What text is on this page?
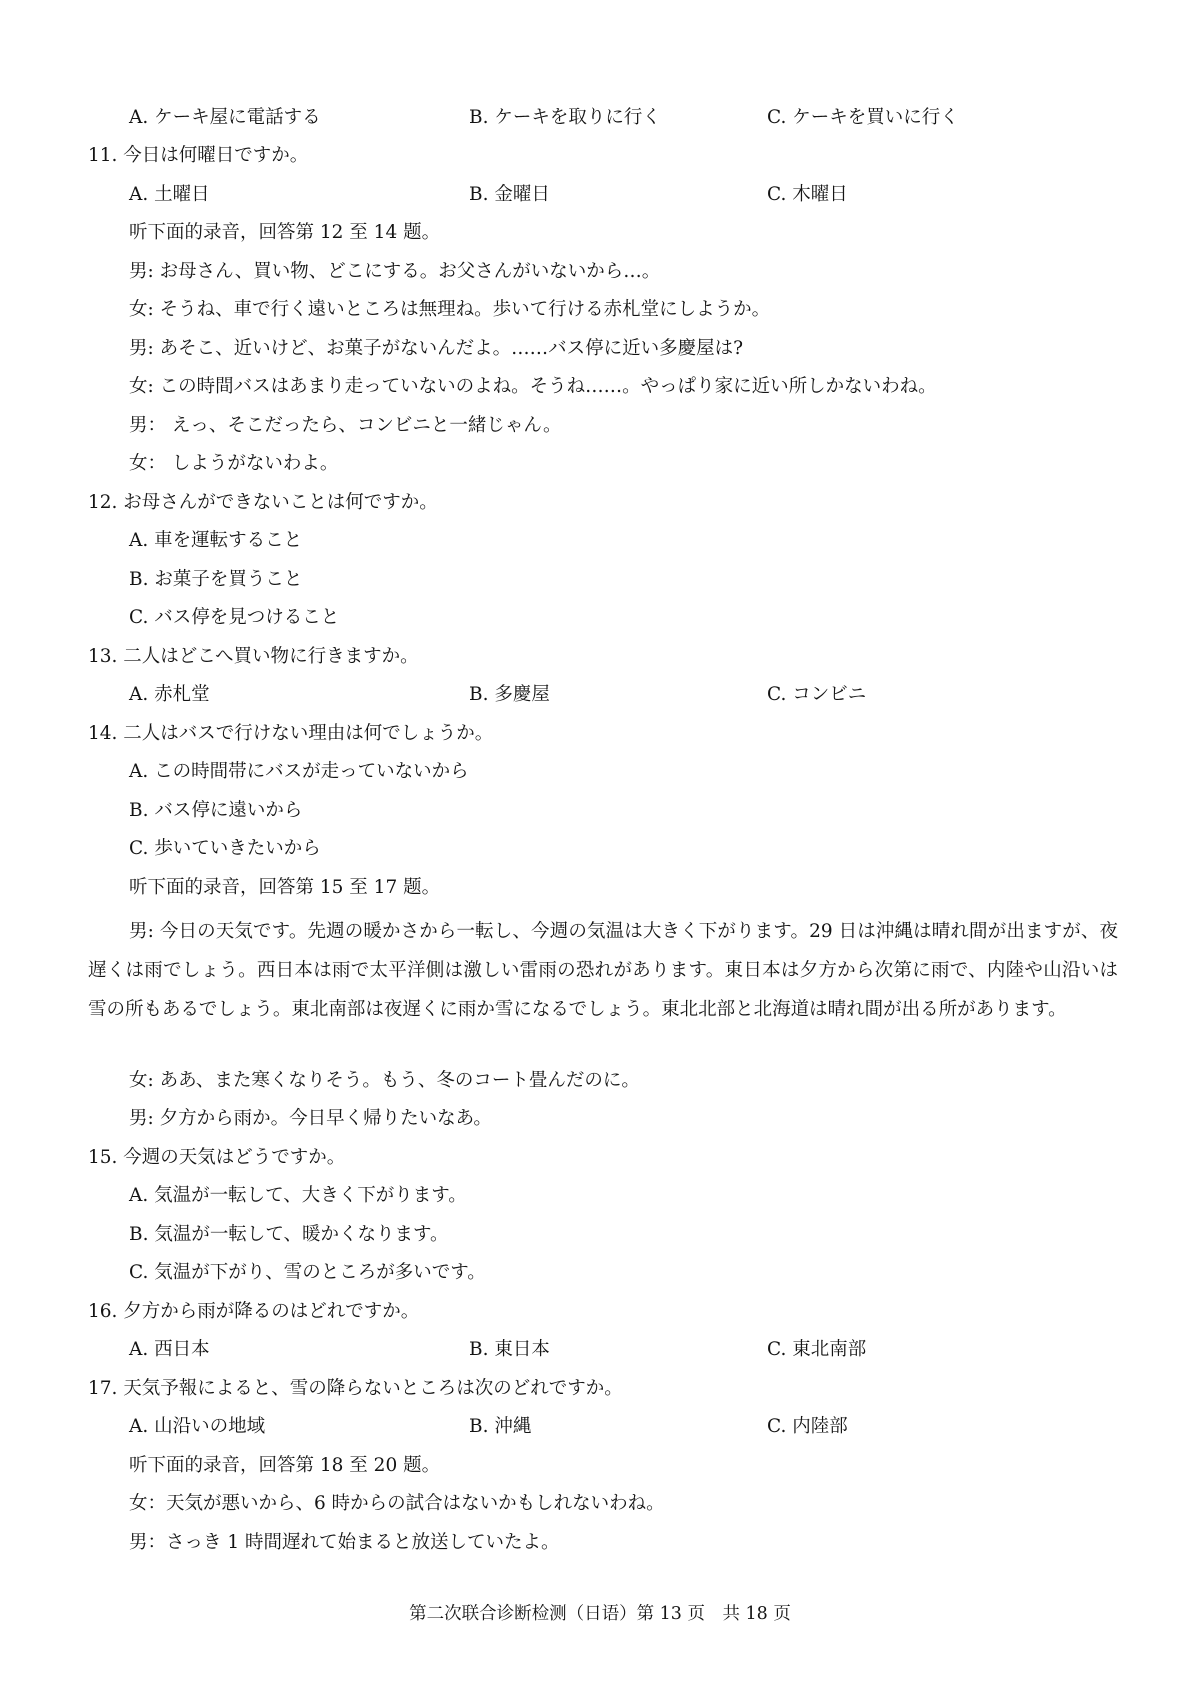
A. ケーキ屋に電話する	B. ケーキを取りに行く	C. ケーキを買いに行く
11. 今日は何曜日ですか。
A. 土曜日	B. 金曜日	C. 木曜日
听下面的录音，回答第 12 至 14 题。
男: お母さん、買い物、どこにする。お父さんがいないから…。
女: そうね、車で行く遠いところは無理ね。歩いて行ける赤札堂にしようか。
男: あそこ、近いけど、お菓子がないんだよ。……バス停に近い多慶屋は?
女: この時間バスはあまり走っていないのよね。そうね……。やっぱり家に近い所しかないわね。
男： えっ、そこだったら、コンビニと一緒じゃん。
女： しようがないわよ。
12. お母さんができないことは何ですか。
A. 車を運転すること
B. お菓子を買うこと
C. バス停を見つけること
13. 二人はどこへ買い物に行きますか。
A. 赤札堂	B. 多慶屋	C. コンビニ
14. 二人はバスで行けない理由は何でしょうか。
A. この時間帯にバスが走っていないから
B. バス停に遠いから
C. 歩いていきたいから
听下面的录音，回答第 15 至 17 题。
男: 今日の天気です。先週の暖かさから一転し、今週の気温は大きく下がります。29 日は沖縄は晴れ間が出ますが、夜遅くは雨でしょう。西日本は雨で太平洋側は激しい雷雨の恐れがあります。東日本は夕方から次第に雨で、内陸や山沿いは雪の所もあるでしょう。東北南部は夜遅くに雨か雪になるでしょう。東北北部と北海道は晴れ間が出る所があります。
女: ああ、また寒くなりそう。もう、冬のコート畳んだのに。
男: 夕方から雨か。今日早く帰りたいなあ。
15. 今週の天気はどうですか。
A. 気温が一転して、大きく下がります。
B. 気温が一転して、暖かくなります。
C. 気温が下がり、雪のところが多いです。
16. 夕方から雨が降るのはどれですか。
A. 西日本	B. 東日本	C. 東北南部
17. 天気予報によると、雪の降らないところは次のどれですか。
A. 山沿いの地域	B. 沖縄	C. 内陸部
听下面的录音，回答第 18 至 20 题。
女：天気が悪いから、6 時からの試合はないかもしれないわね。
男：さっき 1 時間遅れて始まると放送していたよ。
第二次联合诊断检测（日语）第 13 页　共 18 页
